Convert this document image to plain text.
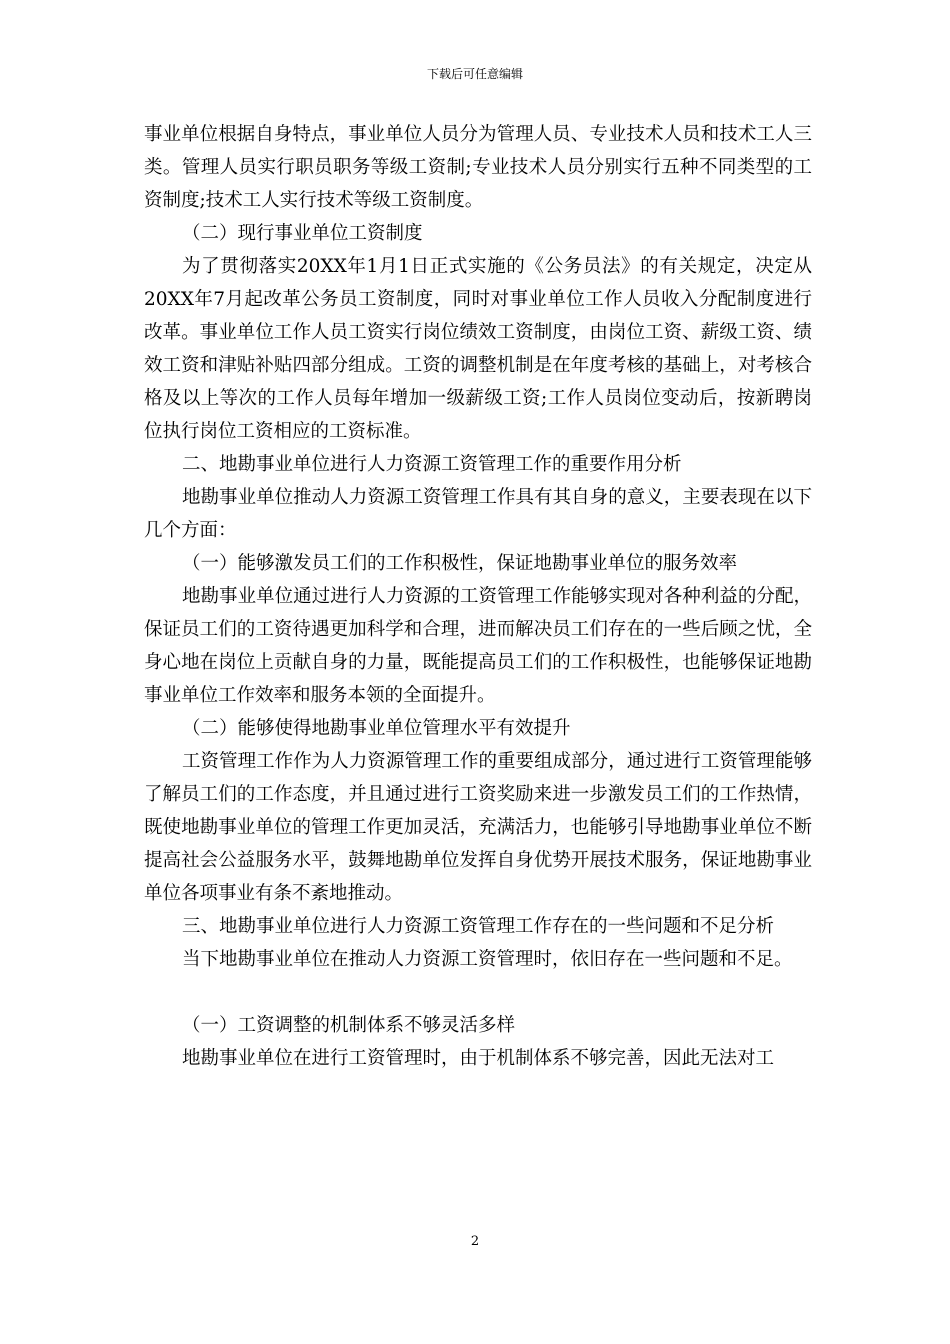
下载后可任意编辑

事业单位根据自身特点，事业单位人员分为管理人员、专业技术人员和技术工人三类。管理人员实行职员职务等级工资制;专业技术人员分别实行五种不同类型的工资制度;技术工人实行技术等级工资制度。

（二）现行事业单位工资制度

为了贯彻落实20XX年1月1日正式实施的《公务员法》的有关规定，决定从20XX年7月起改革公务员工资制度，同时对事业单位工作人员收入分配制度进行改革。事业单位工作人员工资实行岗位绩效工资制度，由岗位工资、薪级工资、绩效工资和津贴补贴四部分组成。工资的调整机制是在年度考核的基础上，对考核合格及以上等次的工作人员每年增加一级薪级工资;工作人员岗位变动后，按新聘岗位执行岗位工资相应的工资标准。

二、地勘事业单位进行人力资源工资管理工作的重要作用分析

地勘事业单位推动人力资源工资管理工作具有其自身的意义，主要表现在以下几个方面：

（一）能够激发员工们的工作积极性，保证地勘事业单位的服务效率

地勘事业单位通过进行人力资源的工资管理工作能够实现对各种利益的分配，保证员工们的工资待遇更加科学和合理，进而解决员工们存在的一些后顾之忧，全身心地在岗位上贡献自身的力量，既能提高员工们的工作积极性，也能够保证地勘事业单位工作效率和服务本领的全面提升。

（二）能够使得地勘事业单位管理水平有效提升

工资管理工作作为人力资源管理工作的重要组成部分，通过进行工资管理能够了解员工们的工作态度，并且通过进行工资奖励来进一步激发员工们的工作热情，既使地勘事业单位的管理工作更加灵活，充满活力，也能够引导地勘事业单位不断提高社会公益服务水平，鼓舞地勘单位发挥自身优势开展技术服务，保证地勘事业单位各项事业有条不紊地推动。

三、地勘事业单位进行人力资源工资管理工作存在的一些问题和不足分析

当下地勘事业单位在推动人力资源工资管理时，依旧存在一些问题和不足。

（一）工资调整的机制体系不够灵活多样

地勘事业单位在进行工资管理时，由于机制体系不够完善，因此无法对工

2
